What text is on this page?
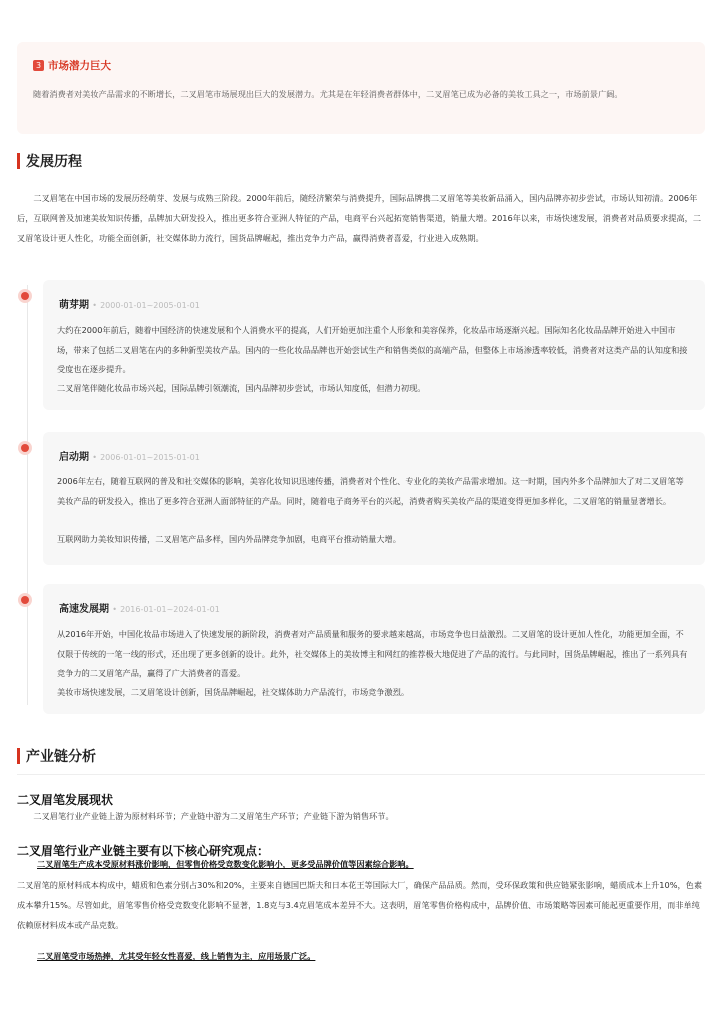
3 市场潜力巨大
随着消费者对美妆产品需求的不断增长，二叉眉笔市场展现出巨大的发展潜力。尤其是在年轻消费者群体中，二叉眉笔已成为必备的美妆工具之一，市场前景广阔。
发展历程
二叉眉笔在中国市场的发展历经萌芽、发展与成熟三阶段。2000年前后，随经济繁荣与消费提升，国际品牌携二叉眉笔等美妆新品涌入，国内品牌亦初步尝试，市场认知初清。2006年后，互联网普及加速美妆知识传播，品牌加大研发投入，推出更多符合亚洲人特征的产品，电商平台兴起拓宽销售渠道，销量大增。2016年以来，市场快速发展，消费者对品质要求提高，二叉眉笔设计更人性化，功能全面创新，社交媒体助力流行，国货品牌崛起，推出竞争力产品，赢得消费者喜爱，行业进入成熟期。
萌芽期 • 2000-01-01~2005-01-01
大约在2000年前后，随着中国经济的快速发展和个人消费水平的提高，人们开始更加注重个人形象和美容保养，化妆品市场逐渐兴起。国际知名化妆品品牌开始进入中国市场，带来了包括二叉眉笔在内的多种新型美妆产品。国内的一些化妆品品牌也开始尝试生产和销售类似的高端产品，但整体上市场渗透率较低，消费者对这类产品的认知度和接受度也在逐步提升。
二叉眉笔伴随化妆品市场兴起，国际品牌引领潮流，国内品牌初步尝试，市场认知度低，但潜力初现。
启动期 • 2006-01-01~2015-01-01
2006年左右，随着互联网的普及和社交媒体的影响，美容化妆知识迅速传播，消费者对个性化、专业化的美妆产品需求增加。这一时期，国内外多个品牌加大了对二叉眉笔等美妆产品的研发投入，推出了更多符合亚洲人面部特征的产品。同时，随着电子商务平台的兴起，消费者购买美妆产品的渠道变得更加多样化，二叉眉笔的销量显著增长。
互联网助力美妆知识传播，二叉眉笔产品多样，国内外品牌竞争加剧，电商平台推动销量大增。
高速发展期 • 2016-01-01~2024-01-01
从2016年开始，中国化妆品市场进入了快速发展的新阶段，消费者对产品质量和服务的要求越来越高，市场竞争也日益激烈。二叉眉笔的设计更加人性化，功能更加全面，不仅限于传统的一笔一线的形式，还出现了更多创新的设计。此外，社交媒体上的美妆博主和网红的推荐极大地促进了产品的流行。与此同时，国货品牌崛起，推出了一系列具有竞争力的二叉眉笔产品，赢得了广大消费者的喜爱。
美妆市场快速发展，二叉眉笔设计创新，国货品牌崛起，社交媒体助力产品流行，市场竞争激烈。
产业链分析
二叉眉笔发展现状
二叉眉笔行业产业链上游为原材料环节；产业链中游为二叉眉笔生产环节；产业链下游为销售环节。
二叉眉笔行业产业链主要有以下核心研究观点：
二叉眉笔生产成本受原材料涨价影响，但零售价格受竞数变化影响小，更多受品牌价值等因素综合影响。
二叉眉笔的原材料成本构成中，蜡质和色素分别占30%和20%，主要来自德国巴斯夫和日本花王等国际大厂，确保产品品质。然而，受环保政策和供应链紧张影响，蜡质成本上升10%，色素成本攀升15%。尽管如此，眉笔零售价格受竞数变化影响不显著，1.8克与3.4克眉笔成本差异不大。这表明，眉笔零售价格构成中，品牌价值、市场策略等因素可能起更重要作用，而非单纯依赖原材料成本或产品克数。
二叉眉笔受市场热捧，尤其受年轻女性喜爱，线上销售为主，应用场景广泛。
